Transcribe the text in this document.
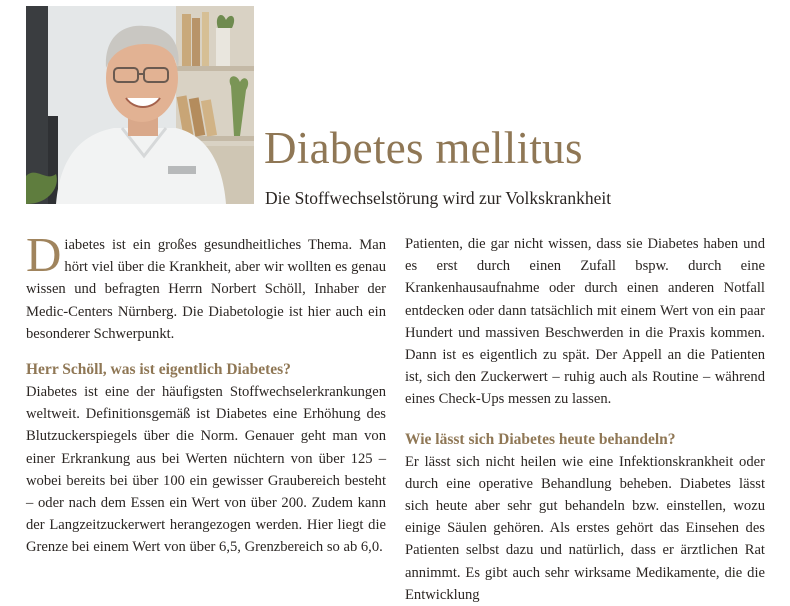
Diabetes mellitus
Die Stoffwechselstörung wird zur Volkskrankheit

Diabetes ist ein großes gesundheitliches Thema. Man hört viel über die Krankheit, aber wir wollten es genau wissen und befragten Herrn Norbert Schöll, Inhaber der Medic-Centers Nürnberg. Die Diabetologie ist hier auch ein besonderer Schwerpunkt.

Herr Schöll, was ist eigentlich Diabetes?

Diabetes ist eine der häufigsten Stoffwechselerkrankungen weltweit. Definitionsgemäß ist Diabetes eine Erhöhung des Blutzuckerspiegels über die Norm. Genauer geht man von einer Erkrankung aus bei Werten nüchtern von über 125 – wobei bereits bei über 100 ein gewisser Graubereich besteht – oder nach dem Essen ein Wert von über 200. Zudem kann der Langzeitzuckerwert herangezogen werden. Hier liegt die Grenze bei einem Wert von über 6,5, Grenzbereich so ab 6,0.

Patienten, die gar nicht wissen, dass sie Diabetes haben und es erst durch einen Zufall bspw. durch eine Krankenhausaufnahme oder durch einen anderen Notfall entdecken oder dann tatsächlich mit einem Wert von ein paar Hundert und massiven Beschwerden in die Praxis kommen. Dann ist es eigentlich zu spät. Der Appell an die Patienten ist, sich den Zuckerwert – ruhig auch als Routine – während eines Check-Ups messen zu lassen.

Wie lässt sich Diabetes heute behandeln?

Er lässt sich nicht heilen wie eine Infektionskrankheit oder durch eine operative Behandlung beheben. Diabetes lässt sich heute aber sehr gut behandeln bzw. einstellen, wozu einige Säulen gehören. Als erstes gehört das Einsehen des Patienten selbst dazu und natürlich, dass er ärztlichen Rat annimmt. Es gibt auch sehr wirksame Medikamente, die die Entwicklung
